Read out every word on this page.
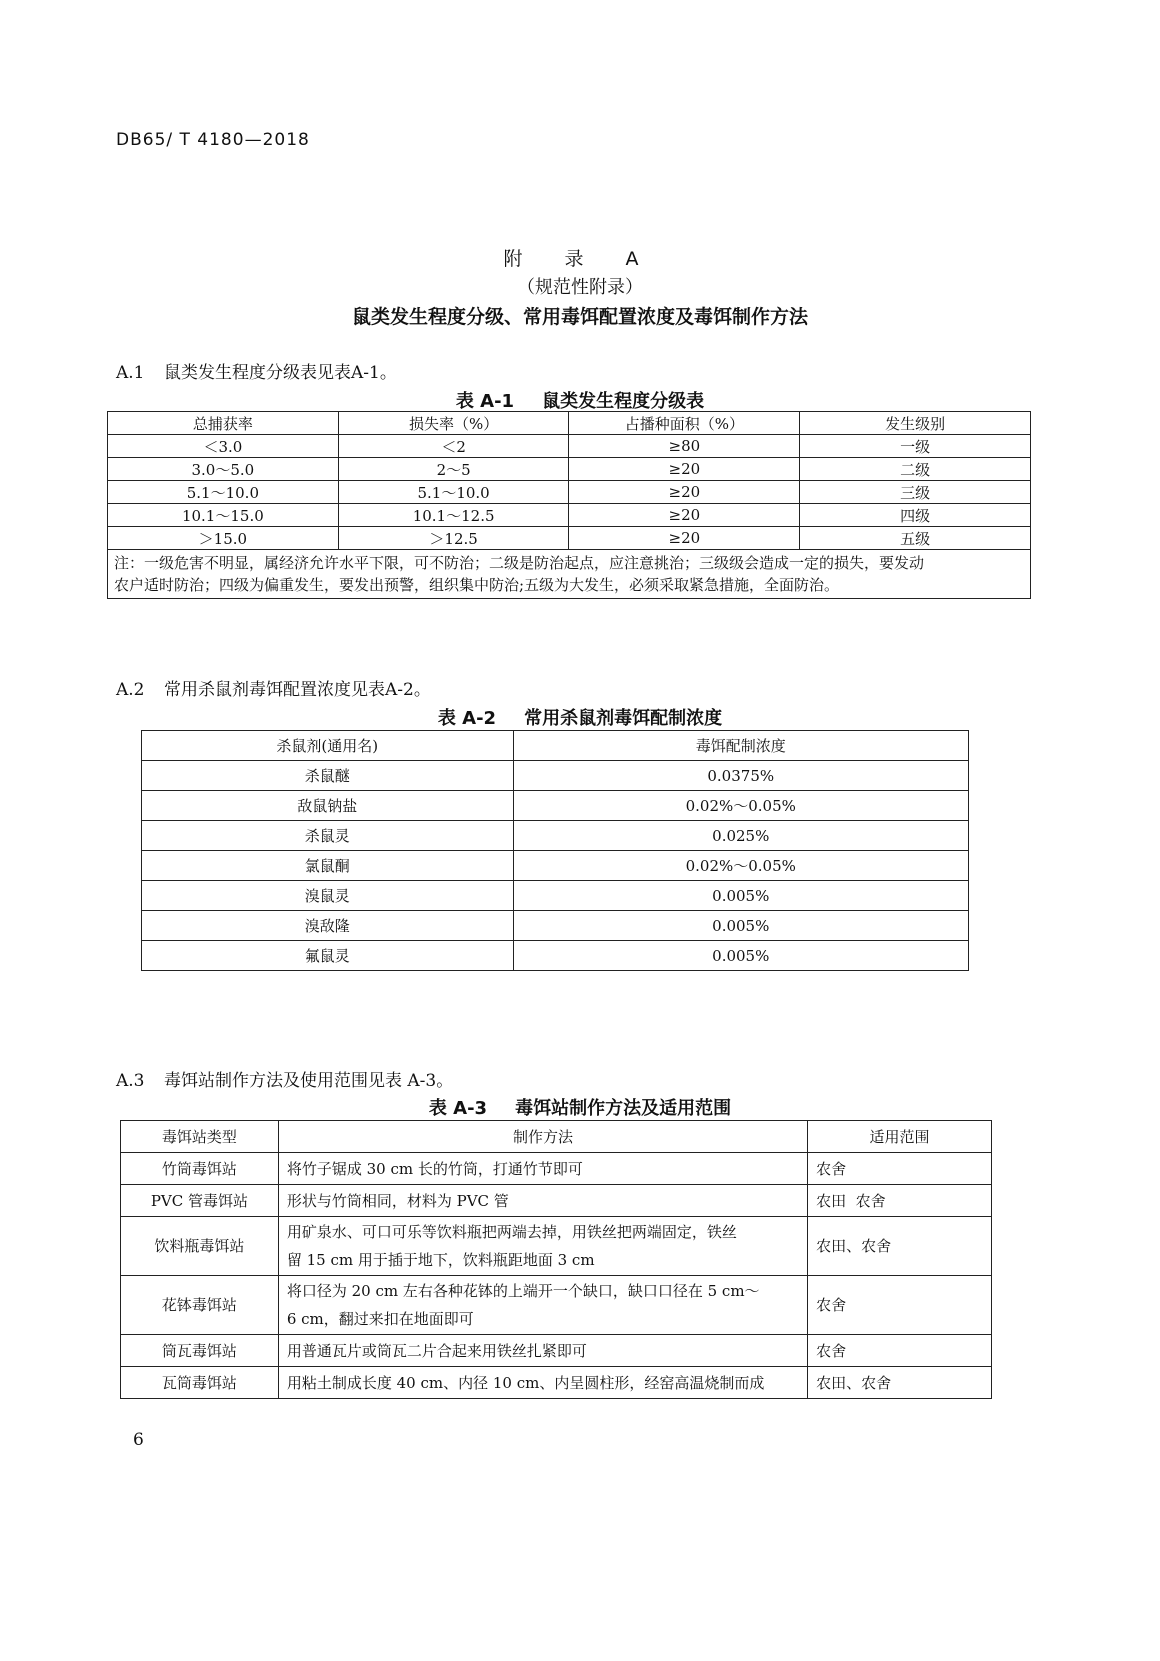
DB65/ T 4180—2018
附 录 A
（规范性附录）
鼠类发生程度分级、常用毒饵配置浓度及毒饵制作方法
A.1 鼠类发生程度分级表见表A-1。
表 A-1 鼠类发生程度分级表
总捕获率	损失率（%）	占播种面积（%）	发生级别
＜3.0	＜2	≥80	一级
3.0～5.0	2～5	≥20	二级
5.1～10.0	5.1～10.0	≥20	三级
10.1～15.0	10.1～12.5	≥20	四级
＞15.0	＞12.5	≥20	五级

注：一级危害不明显，属经济允许水平下限，可不防治；二级是防治起点，应注意挑治；三级级会造成一定的损失，要发动
农户适时防治；四级为偏重发生，要发出预警，组织集中防治;五级为大发生，必须采取紧急措施，全面防治。			
A.2 常用杀鼠剂毒饵配置浓度见表A-2。
表 A-2 常用杀鼠剂毒饵配制浓度
杀鼠剂(通用名)	毒饵配制浓度
杀鼠醚	0.0375%
敌鼠钠盐	0.02%～0.05%
杀鼠灵	0.025%
氯鼠酮	0.02%～0.05%
溴鼠灵	0.005%
溴敌隆	0.005%
氟鼠灵	0.005%
A.3 毒饵站制作方法及使用范围见表 A-3。
表 A-3 毒饵站制作方法及适用范围
毒饵站类型	制作方法	适用范围
竹筒毒饵站	将竹子锯成 30 cm 长的竹筒，打通竹节即可	农舍
PVC 管毒饵站	形状与竹筒相同，材料为 PVC 管	农田  农舍
饮料瓶毒饵站	用矿泉水、可口可乐等饮料瓶把两端去掉，用铁丝把两端固定，铁丝
留 15 cm 用于插于地下，饮料瓶距地面 3 cm	农田、农舍
花钵毒饵站	将口径为 20 cm 左右各种花钵的上端开一个缺口，缺口口径在 5 cm～
6 cm，翻过来扣在地面即可	农舍
筒瓦毒饵站	用普通瓦片或筒瓦二片合起来用铁丝扎紧即可	农舍
瓦筒毒饵站	用粘土制成长度 40 cm、内径 10 cm、内呈圆柱形，经窑高温烧制而成	农田、农舍
6
